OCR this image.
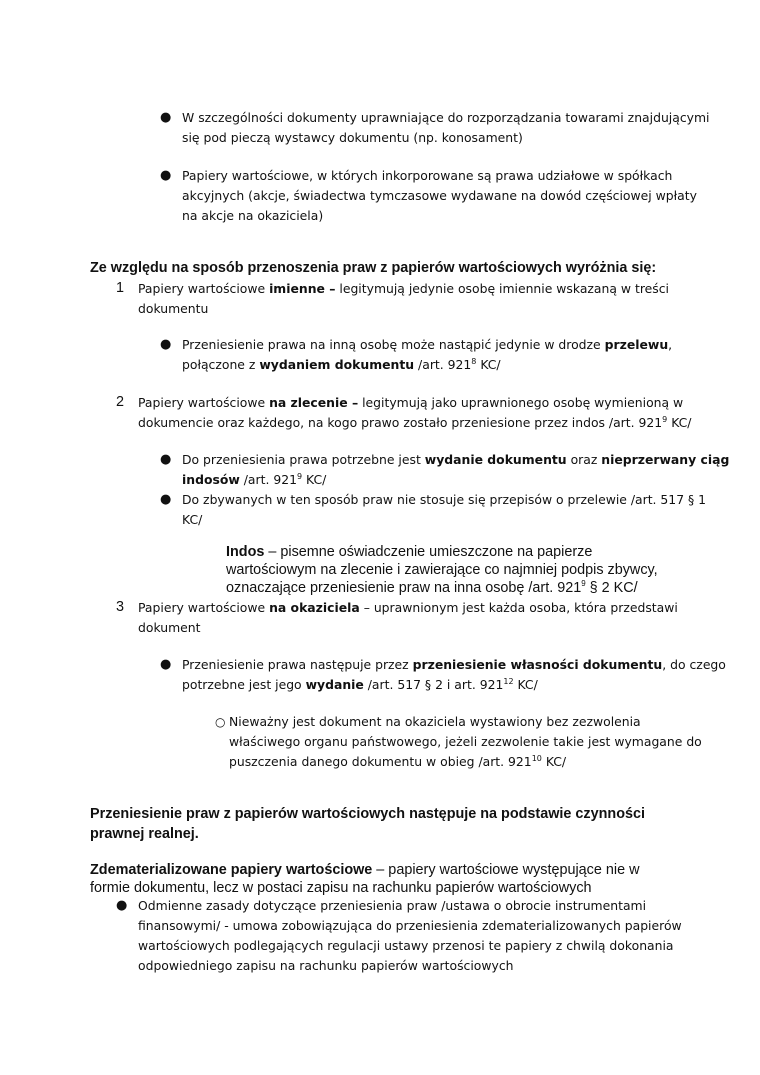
● W szczególności dokumenty uprawniające do rozporządzania towarami znajdującymi
się pod pieczą wystawcy dokumentu (np. konosament)
● Papiery wartościowe, w których inkorporowane są prawa udziałowe w spółkach
akcyjnych (akcje, świadectwa tymczasowe wydawane na dowód częściowej wpłaty
na akcje na okaziciela)
Ze względu na sposób przenoszenia praw z papierów wartościowych wyróżnia się:
1 Papiery wartościowe imienne – legitymują jedynie osobę imiennie wskazaną w treści
dokumentu
● Przeniesienie prawa na inną osobę może nastąpić jedynie w drodze przelewu,
połączone z wydaniem dokumentu /art. $921^8$ KC/
2 Papiery wartościowe na zlecenie – legitymują jako uprawnionego osobę wymienioną w
dokumencie oraz każdego, na kogo prawo zostało przeniesione przez indos /art. $921^9$ KC/
● Do przeniesienia prawa potrzebne jest wydanie dokumentu oraz nieprzerwany ciąg
indosów /art. $921^9$ KC/
● Do zbywanych w ten sposób praw nie stosuje się przepisów o przelewie /art. 517 § 1
KC/
Indos – pisemne oświadczenie umieszczone na papierze
wartościowym na zlecenie i zawierające co najmniej podpis zbywcy,
oznaczające przeniesienie praw na inna osobę /art. $921^9$ § 2 KC/
3 Papiery wartościowe na okaziciela – uprawnionym jest każda osoba, która przedstawi
dokument
● Przeniesienie prawa następuje przez przeniesienie własności dokumentu, do czego
potrzebne jest jego wydanie /art. 517 § 2 i art. $921^{12}$ KC/
○ Nieważny jest dokument na okaziciela wystawiony bez zezwolenia
właściwego organu państwowego, jeżeli zezwolenie takie jest wymagane do
puszczenia danego dokumentu w obieg /art. $921^{10}$ KC/
Przeniesienie praw z papierów wartościowych następuje na podstawie czynności
prawnej realnej.
Zdematerializowane papiery wartościowe – papiery wartościowe występujące nie w
formie dokumentu, lecz w postaci zapisu na rachunku papierów wartościowych
● Odmienne zasady dotyczące przeniesienia praw /ustawa o obrocie instrumentami
finansowymi/ - umowa zobowiązująca do przeniesienia zdematerializowanych papierów
wartościowych podlegających regulacji ustawy przenosi te papiery z chwilą dokonania
odpowiedniego zapisu na rachunku papierów wartościowych
